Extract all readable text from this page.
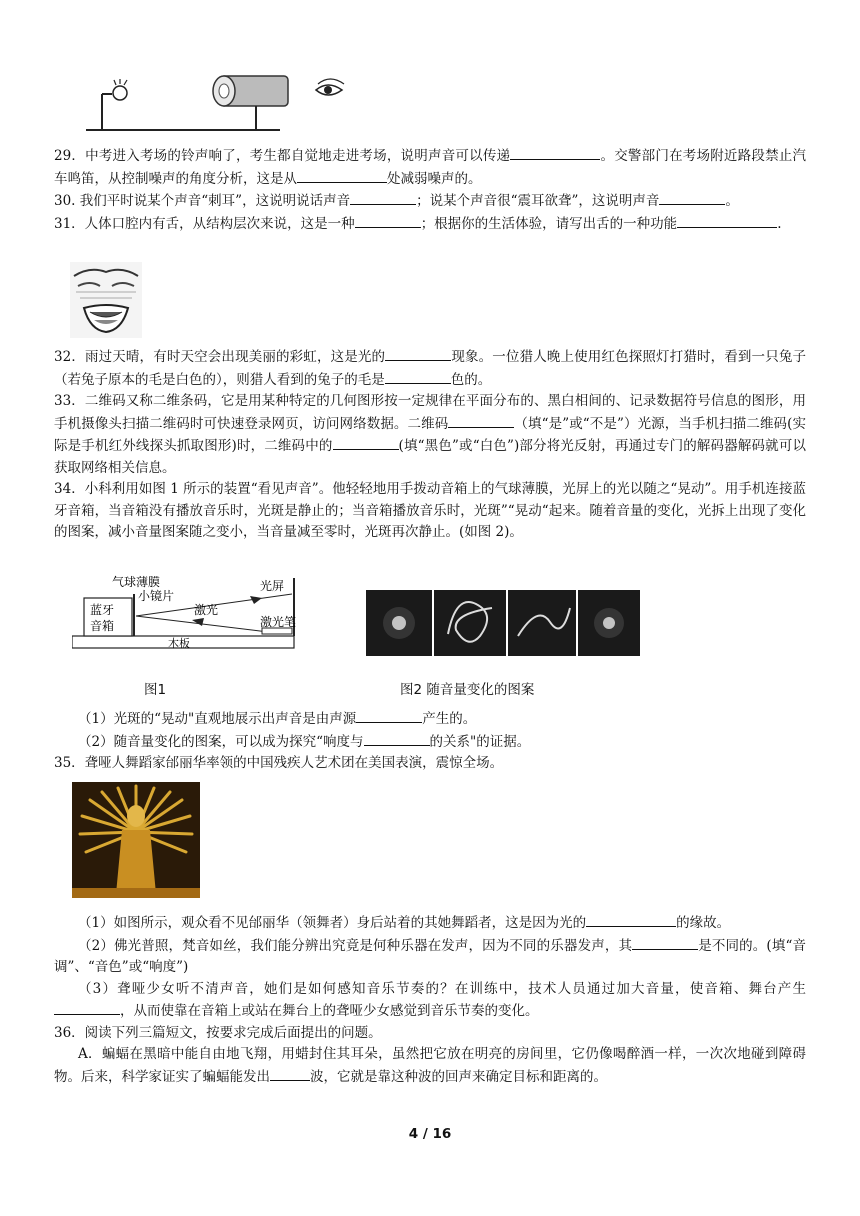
29．中考进入考场的铃声响了，考生都自觉地走进考场，说明声音可以传递	。交警部门在考场附近路段禁止汽车鸣笛，从控制噪声的角度分析，这是从	处减弱噪声的。

30. 我们平时说某个声音“刺耳”，这说明说话声音	；说某个声音很“震耳欲聋”，这说明声音	。

31．人体口腔内有舌，从结构层次来说，这是一种	；根据你的生活体验，请写出舌的一种功能	.

32．雨过天晴，有时天空会出现美丽的彩虹，这是光的	现象。一位猎人晚上使用红色探照灯打猎时，看到一只兔子（若兔子原本的毛是白色的），则猎人看到的兔子的毛是	色的。

33．二维码又称二维条码，它是用某种特定的几何图形按一定规律在平面分布的、黑白相间的、记录数据符号信息的图形，用手机摄像头扫描二维码时可快速登录网页，访问网络数据。二维码	（填“是”或“不是”）光源，当手机扫描二维码(实际是手机红外线探头抓取图形)时，二维码中的	(填“黑色”或“白色”)部分将光反射，再通过专门的解码器解码就可以获取网络相关信息。

34．小科利用如图 1 所示的装置“看见声音”。他轻轻地用手拨动音箱上的气球薄膜，光屏上的光以随之“晃动”。用手机连接蓝牙音箱，当音箱没有播放音乐时，光斑是静止的；当音箱播放音乐时，光斑”“晃动“起来。随着音量的变化，光拆上出现了变化的图案，减小音量图案随之变小，当音量减至零时，光斑再次静止。(如图 2)。

气球薄膜
小镜片
光屏
蓝牙
音箱
激光
激光笔
木板
图1	图2 随音量变化的图案

（1）光斑的“晃动"直观地展示出声音是由声源	产生的。

（2）随音量变化的图案，可以成为探究“响度与	的关系"的证据。

35．聋哑人舞蹈家邰丽华率领的中国残疾人艺术团在美国表演，震惊全场。

（1）如图所示，观众看不见邰丽华（领舞者）身后站着的其她舞蹈者，这是因为光的	的缘故。

（2）佛光普照，梵音如丝，我们能分辨出究竟是何种乐器在发声，因为不同的乐器发声，其	是不同的。(填“音调”、“音色”或“响度”)

（3）聋哑少女听不清声音，她们是如何感知音乐节奏的？在训练中，技术人员通过加大音量，使音箱、舞台产生，从而使靠在音箱上或站在舞台上的聋哑少女感觉到音乐节奏的变化。

36．阅读下列三篇短文，按要求完成后面提出的问题。

A．蝙蝠在黑暗中能自由地飞翔，用蜡封住其耳朵，虽然把它放在明亮的房间里，它仍像喝醉酒一样，一次次地碰到障碍物。后来，科学家证实了蝙蝠能发出	波，它就是靠这种波的回声来确定目标和距离的。

4 / 16
